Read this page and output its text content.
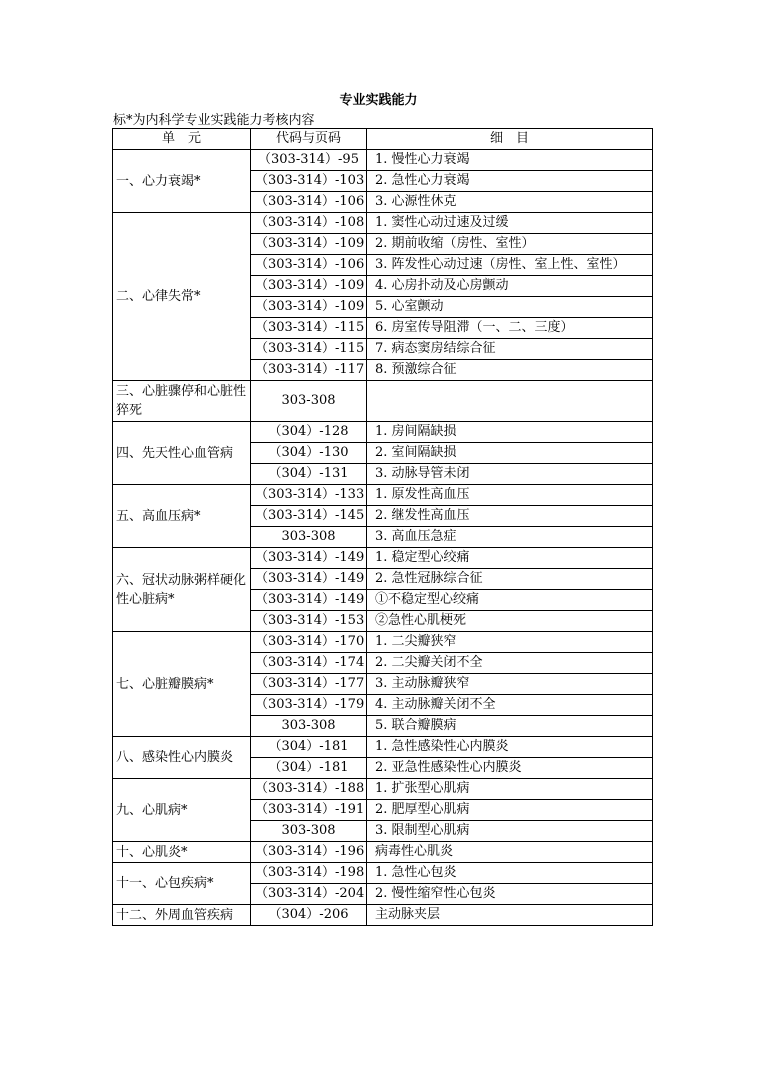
专业实践能力
标*为内科学专业实践能力考核内容
单　元	代码与页码	细　目
一、心力衰竭*	（303-314）-95	1. 慢性心力衰竭
	（303-314）-103	2. 急性心力衰竭
	（303-314）-106	3. 心源性休克
二、心律失常*	（303-314）-108	1. 窦性心动过速及过缓
	（303-314）-109	2. 期前收缩（房性、室性）
	（303-314）-106	3. 阵发性心动过速（房性、室上性、室性）
	（303-314）-109	4. 心房扑动及心房颤动
	（303-314）-109	5. 心室颤动
	（303-314）-115	6. 房室传导阻滞（一、二、三度）
	（303-314）-115	7. 病态窦房结综合征
	（303-314）-117	8. 预激综合征
三、心脏骤停和心脏性猝死	303-308	
四、先天性心血管病	（304）-128	1. 房间隔缺损
	（304）-130	2. 室间隔缺损
	（304）-131	3. 动脉导管未闭
五、高血压病*	（303-314）-133	1. 原发性高血压
	（303-314）-145	2. 继发性高血压
	303-308	3. 高血压急症
六、冠状动脉粥样硬化性心脏病*	（303-314）-149	1. 稳定型心绞痛
	（303-314）-149	2. 急性冠脉综合征
	（303-314）-149	①不稳定型心绞痛
	（303-314）-153	②急性心肌梗死
七、心脏瓣膜病*	（303-314）-170	1. 二尖瓣狭窄
	（303-314）-174	2. 二尖瓣关闭不全
	（303-314）-177	3. 主动脉瓣狭窄
	（303-314）-179	4. 主动脉瓣关闭不全
	303-308	5. 联合瓣膜病
八、感染性心内膜炎	（304）-181	1. 急性感染性心内膜炎
	（304）-181	2. 亚急性感染性心内膜炎
九、心肌病*	（303-314）-188	1. 扩张型心肌病
	（303-314）-191	2. 肥厚型心肌病
	303-308	3. 限制型心肌病
十、心肌炎*	（303-314）-196	病毒性心肌炎
十一、心包疾病*	（303-314）-198	1. 急性心包炎
	（303-314）-204	2. 慢性缩窄性心包炎
十二、外周血管疾病	（304）-206	主动脉夹层
